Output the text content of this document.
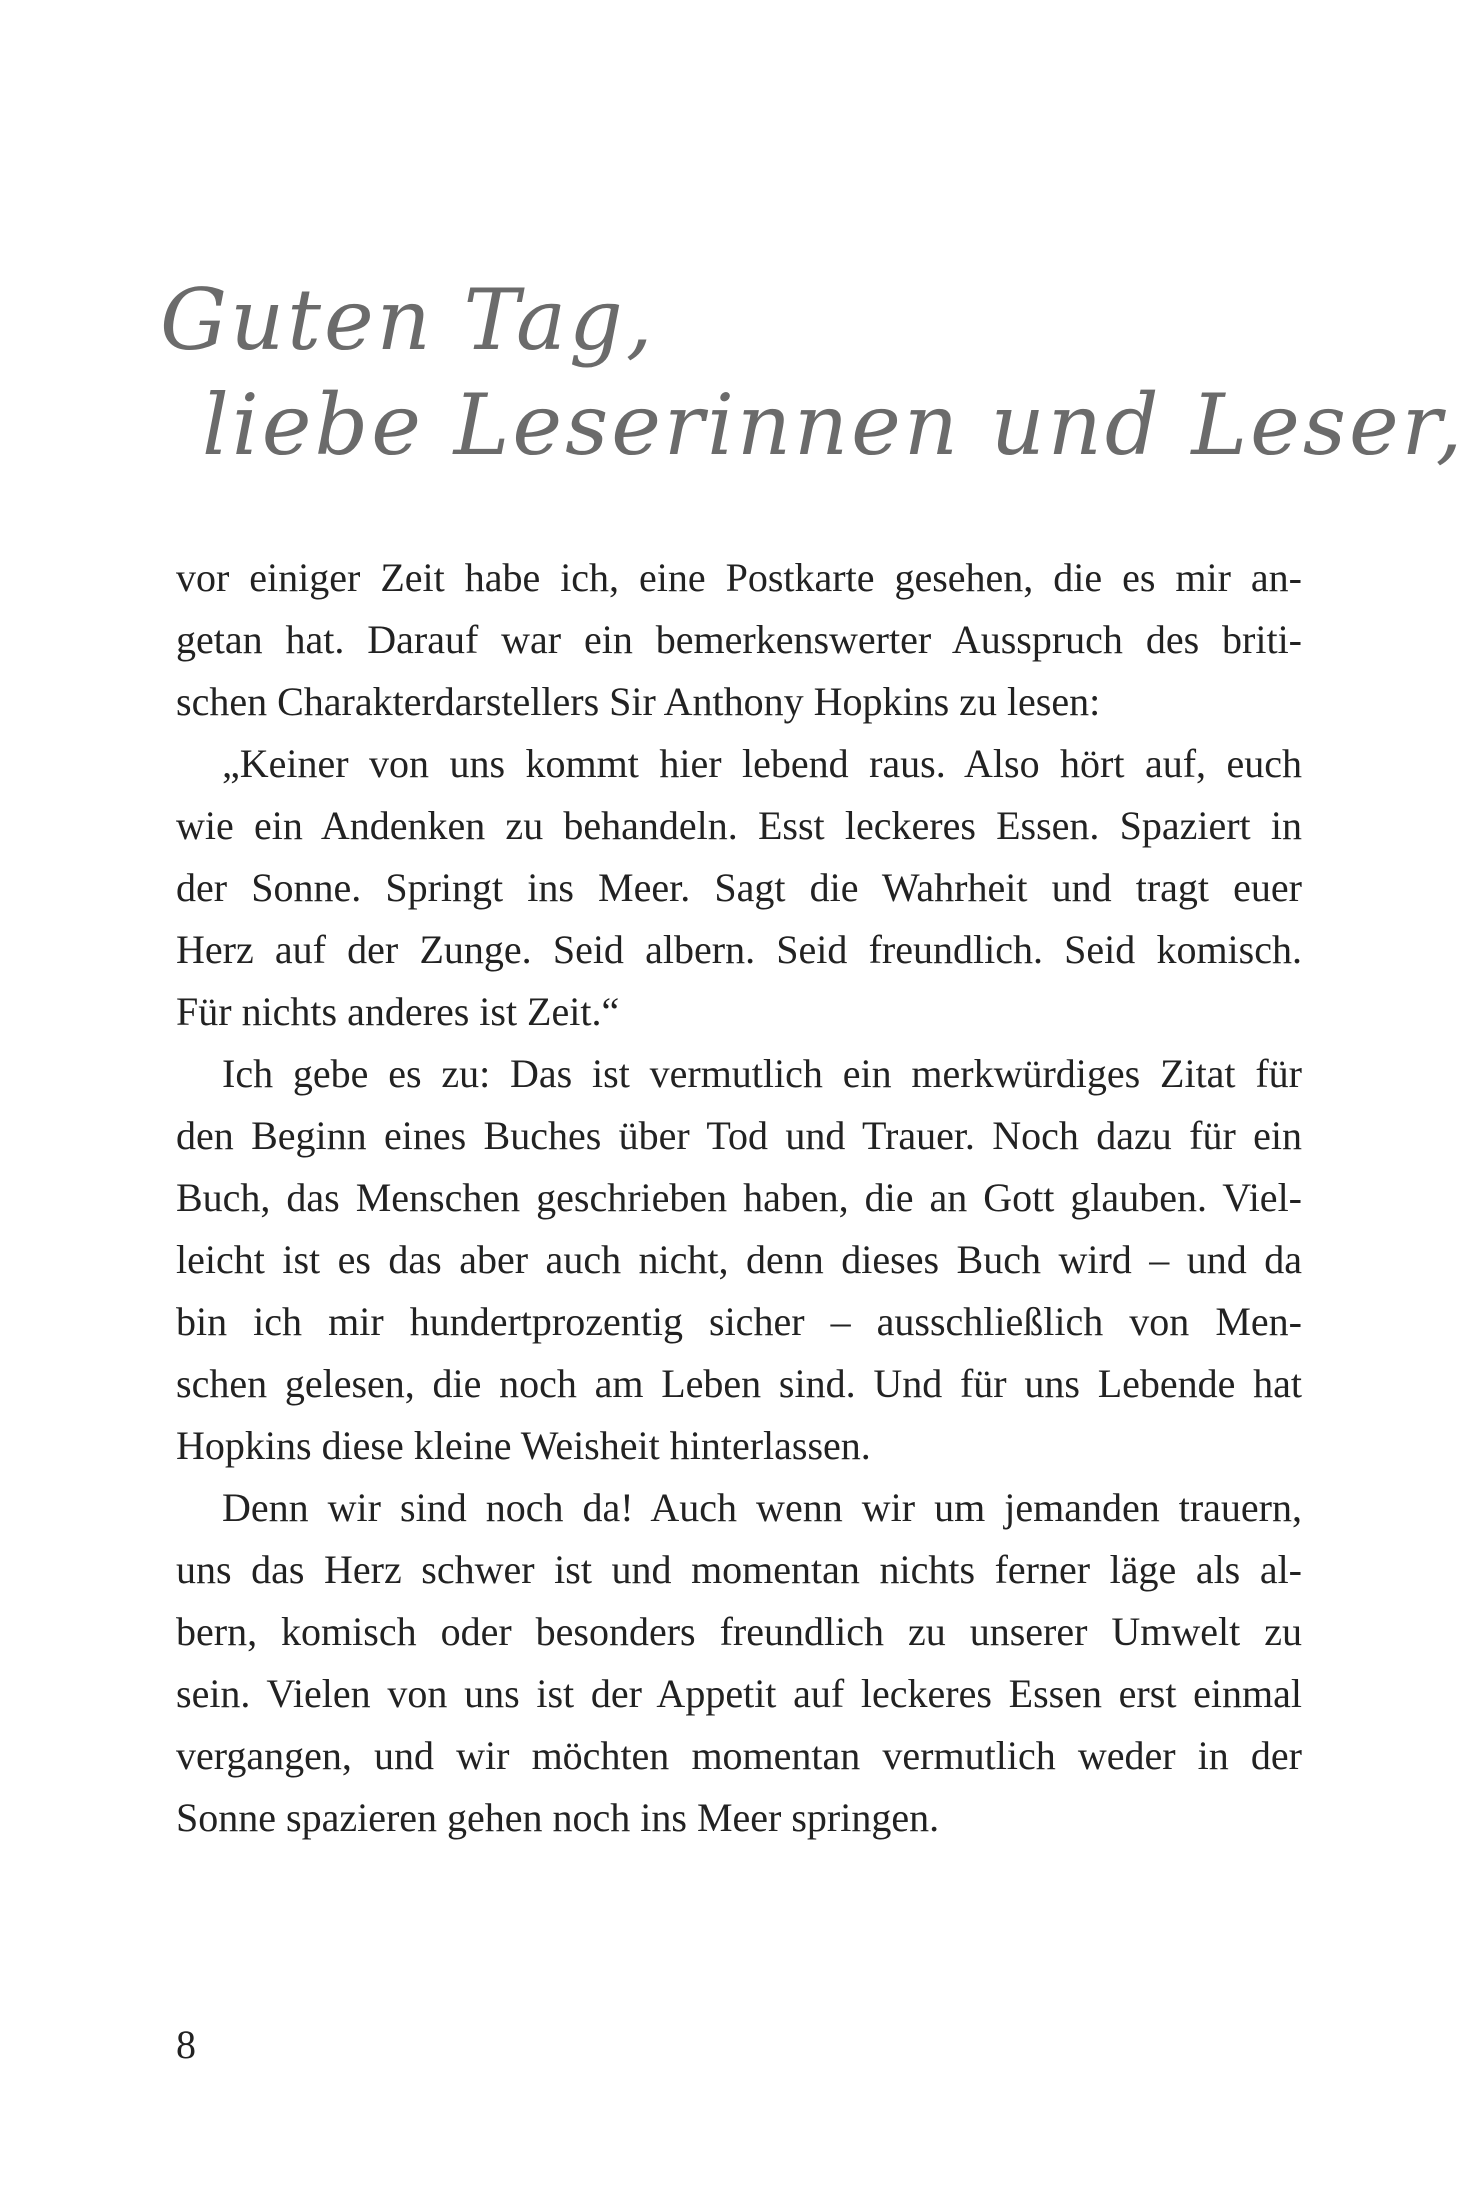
Guten Tag,
liebe Leserinnen und Leser,

vor einiger Zeit habe ich, eine Postkarte gesehen, die es mir an-
getan hat. Darauf war ein bemerkenswerter Ausspruch des briti-
schen Charakterdarstellers Sir Anthony Hopkins zu lesen:

„Keiner von uns kommt hier lebend raus. Also hört auf, euch
wie ein Andenken zu behandeln. Esst leckeres Essen. Spaziert in
der Sonne. Springt ins Meer. Sagt die Wahrheit und tragt euer
Herz auf der Zunge. Seid albern. Seid freundlich. Seid komisch.
Für nichts anderes ist Zeit.“

Ich gebe es zu: Das ist vermutlich ein merkwürdiges Zitat für
den Beginn eines Buches über Tod und Trauer. Noch dazu für ein
Buch, das Menschen geschrieben haben, die an Gott glauben. Viel-
leicht ist es das aber auch nicht, denn dieses Buch wird – und da
bin ich mir hundertprozentig sicher – ausschließlich von Men-
schen gelesen, die noch am Leben sind. Und für uns Lebende hat
Hopkins diese kleine Weisheit hinterlassen.

Denn wir sind noch da! Auch wenn wir um jemanden trauern,
uns das Herz schwer ist und momentan nichts ferner läge als al-
bern, komisch oder besonders freundlich zu unserer Umwelt zu
sein. Vielen von uns ist der Appetit auf leckeres Essen erst einmal
vergangen, und wir möchten momentan vermutlich weder in der
Sonne spazieren gehen noch ins Meer springen.

8
